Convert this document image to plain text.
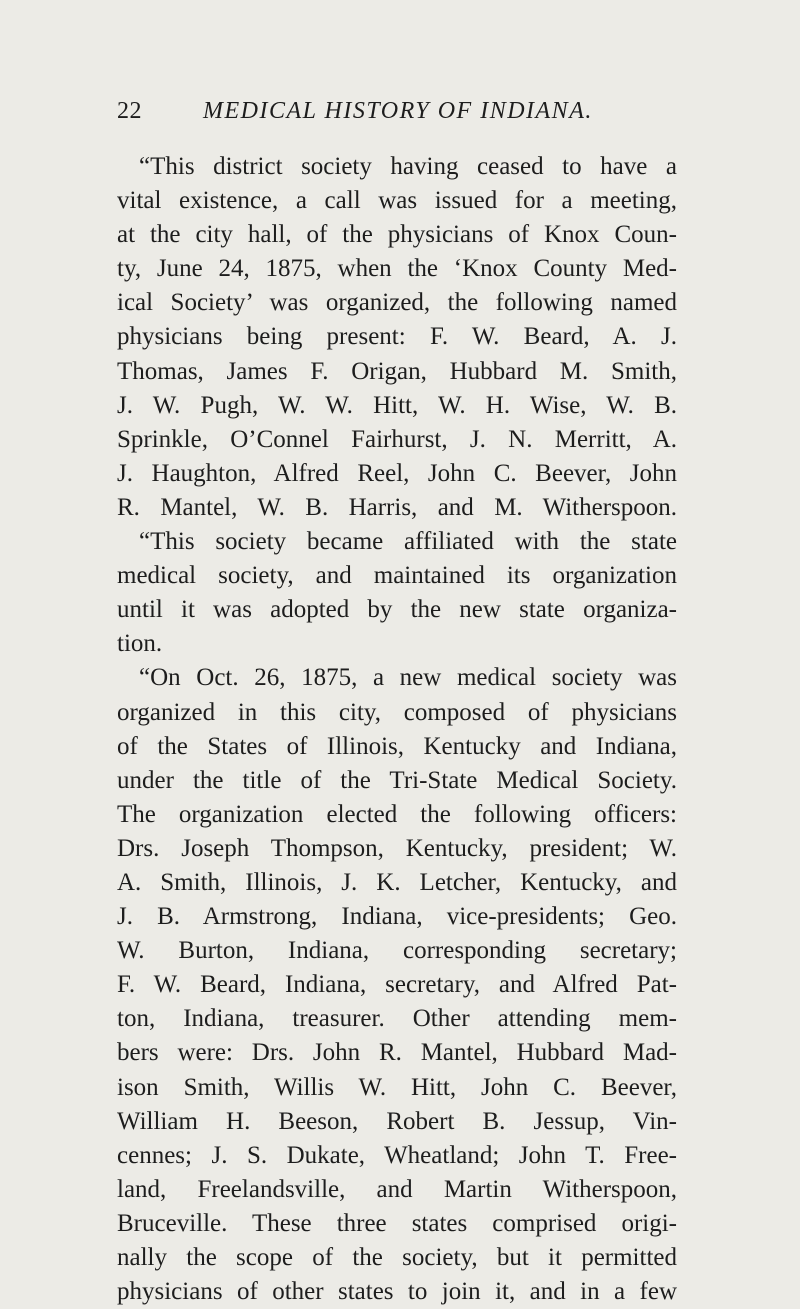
22	MEDICAL HISTORY OF INDIANA.
“This district society having ceased to have a
vital existence, a call was issued for a meeting,
at the city hall, of the physicians of Knox Coun-
ty, June 24, 1875, when the ‘Knox County Med-
ical Society’ was organized, the following named
physicians being present: F. W. Beard, A. J.
Thomas, James F. Origan, Hubbard M. Smith,
J. W. Pugh, W. W. Hitt, W. H. Wise, W. B.
Sprinkle, O’Connel Fairhurst, J. N. Merritt, A.
J. Haughton, Alfred Reel, John C. Beever, John
R. Mantel, W. B. Harris, and M. Witherspoon.
“This society became affiliated with the state
medical society, and maintained its organization
until it was adopted by the new state organiza-
tion.
“On Oct. 26, 1875, a new medical society was
organized in this city, composed of physicians
of the States of Illinois, Kentucky and Indiana,
under the title of the Tri-State Medical Society.
The organization elected the following officers:
Drs. Joseph Thompson, Kentucky, president; W.
A. Smith, Illinois, J. K. Letcher, Kentucky, and
J. B. Armstrong, Indiana, vice-presidents; Geo.
W. Burton, Indiana, corresponding secretary;
F. W. Beard, Indiana, secretary, and Alfred Pat-
ton, Indiana, treasurer. Other attending mem-
bers were: Drs. John R. Mantel, Hubbard Mad-
ison Smith, Willis W. Hitt, John C. Beever,
William H. Beeson, Robert B. Jessup, Vin-
cennes; J. S. Dukate, Wheatland; John T. Free-
land, Freelandsville, and Martin Witherspoon,
Bruceville. These three states comprised origi-
nally the scope of the society, but it permitted
physicians of other states to join it, and in a few
